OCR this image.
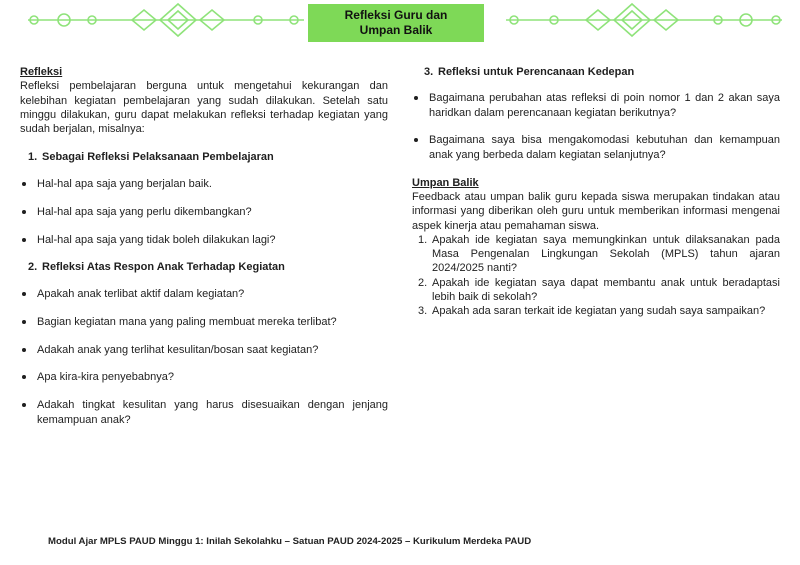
Refleksi Guru dan
Umpan Balik
Refleksi
Refleksi pembelajaran berguna untuk mengetahui kekurangan dan kelebihan kegiatan pembelajaran yang sudah dilakukan. Setelah satu minggu dilakukan, guru dapat melakukan refleksi terhadap kegiatan yang sudah berjalan, misalnya:
1. Sebagai Refleksi Pelaksanaan Pembelajaran
Hal-hal apa saja yang berjalan baik.
Hal-hal apa saja yang perlu dikembangkan?
Hal-hal apa saja yang tidak boleh dilakukan lagi?
2. Refleksi Atas Respon Anak Terhadap Kegiatan
Apakah anak terlibat aktif dalam kegiatan?
Bagian kegiatan mana yang paling membuat mereka terlibat?
Adakah anak yang terlihat kesulitan/bosan saat kegiatan?
Apa kira-kira penyebabnya?
Adakah tingkat kesulitan yang harus disesuaikan dengan jenjang kemampuan anak?
3. Refleksi untuk Perencanaan Kedepan
Bagaimana perubahan atas refleksi di poin nomor 1 dan 2 akan saya haridkan dalam perencanaan kegiatan berikutnya?
Bagaimana saya bisa mengakomodasi kebutuhan dan kemampuan anak yang berbeda dalam kegiatan selanjutnya?
Umpan Balik
Feedback atau umpan balik guru kepada siswa merupakan tindakan atau informasi yang diberikan oleh guru untuk memberikan informasi mengenai aspek kinerja atau pemahaman siswa.
1. Apakah ide kegiatan saya memungkinkan untuk dilaksanakan pada Masa Pengenalan Lingkungan Sekolah (MPLS) tahun ajaran 2024/2025 nanti?
2. Apakah ide kegiatan saya dapat membantu anak untuk beradaptasi lebih baik di sekolah?
3. Apakah ada saran terkait ide kegiatan yang sudah saya sampaikan?
Modul Ajar MPLS PAUD Minggu 1: Inilah Sekolahku – Satuan PAUD 2024-2025 – Kurikulum Merdeka PAUD
